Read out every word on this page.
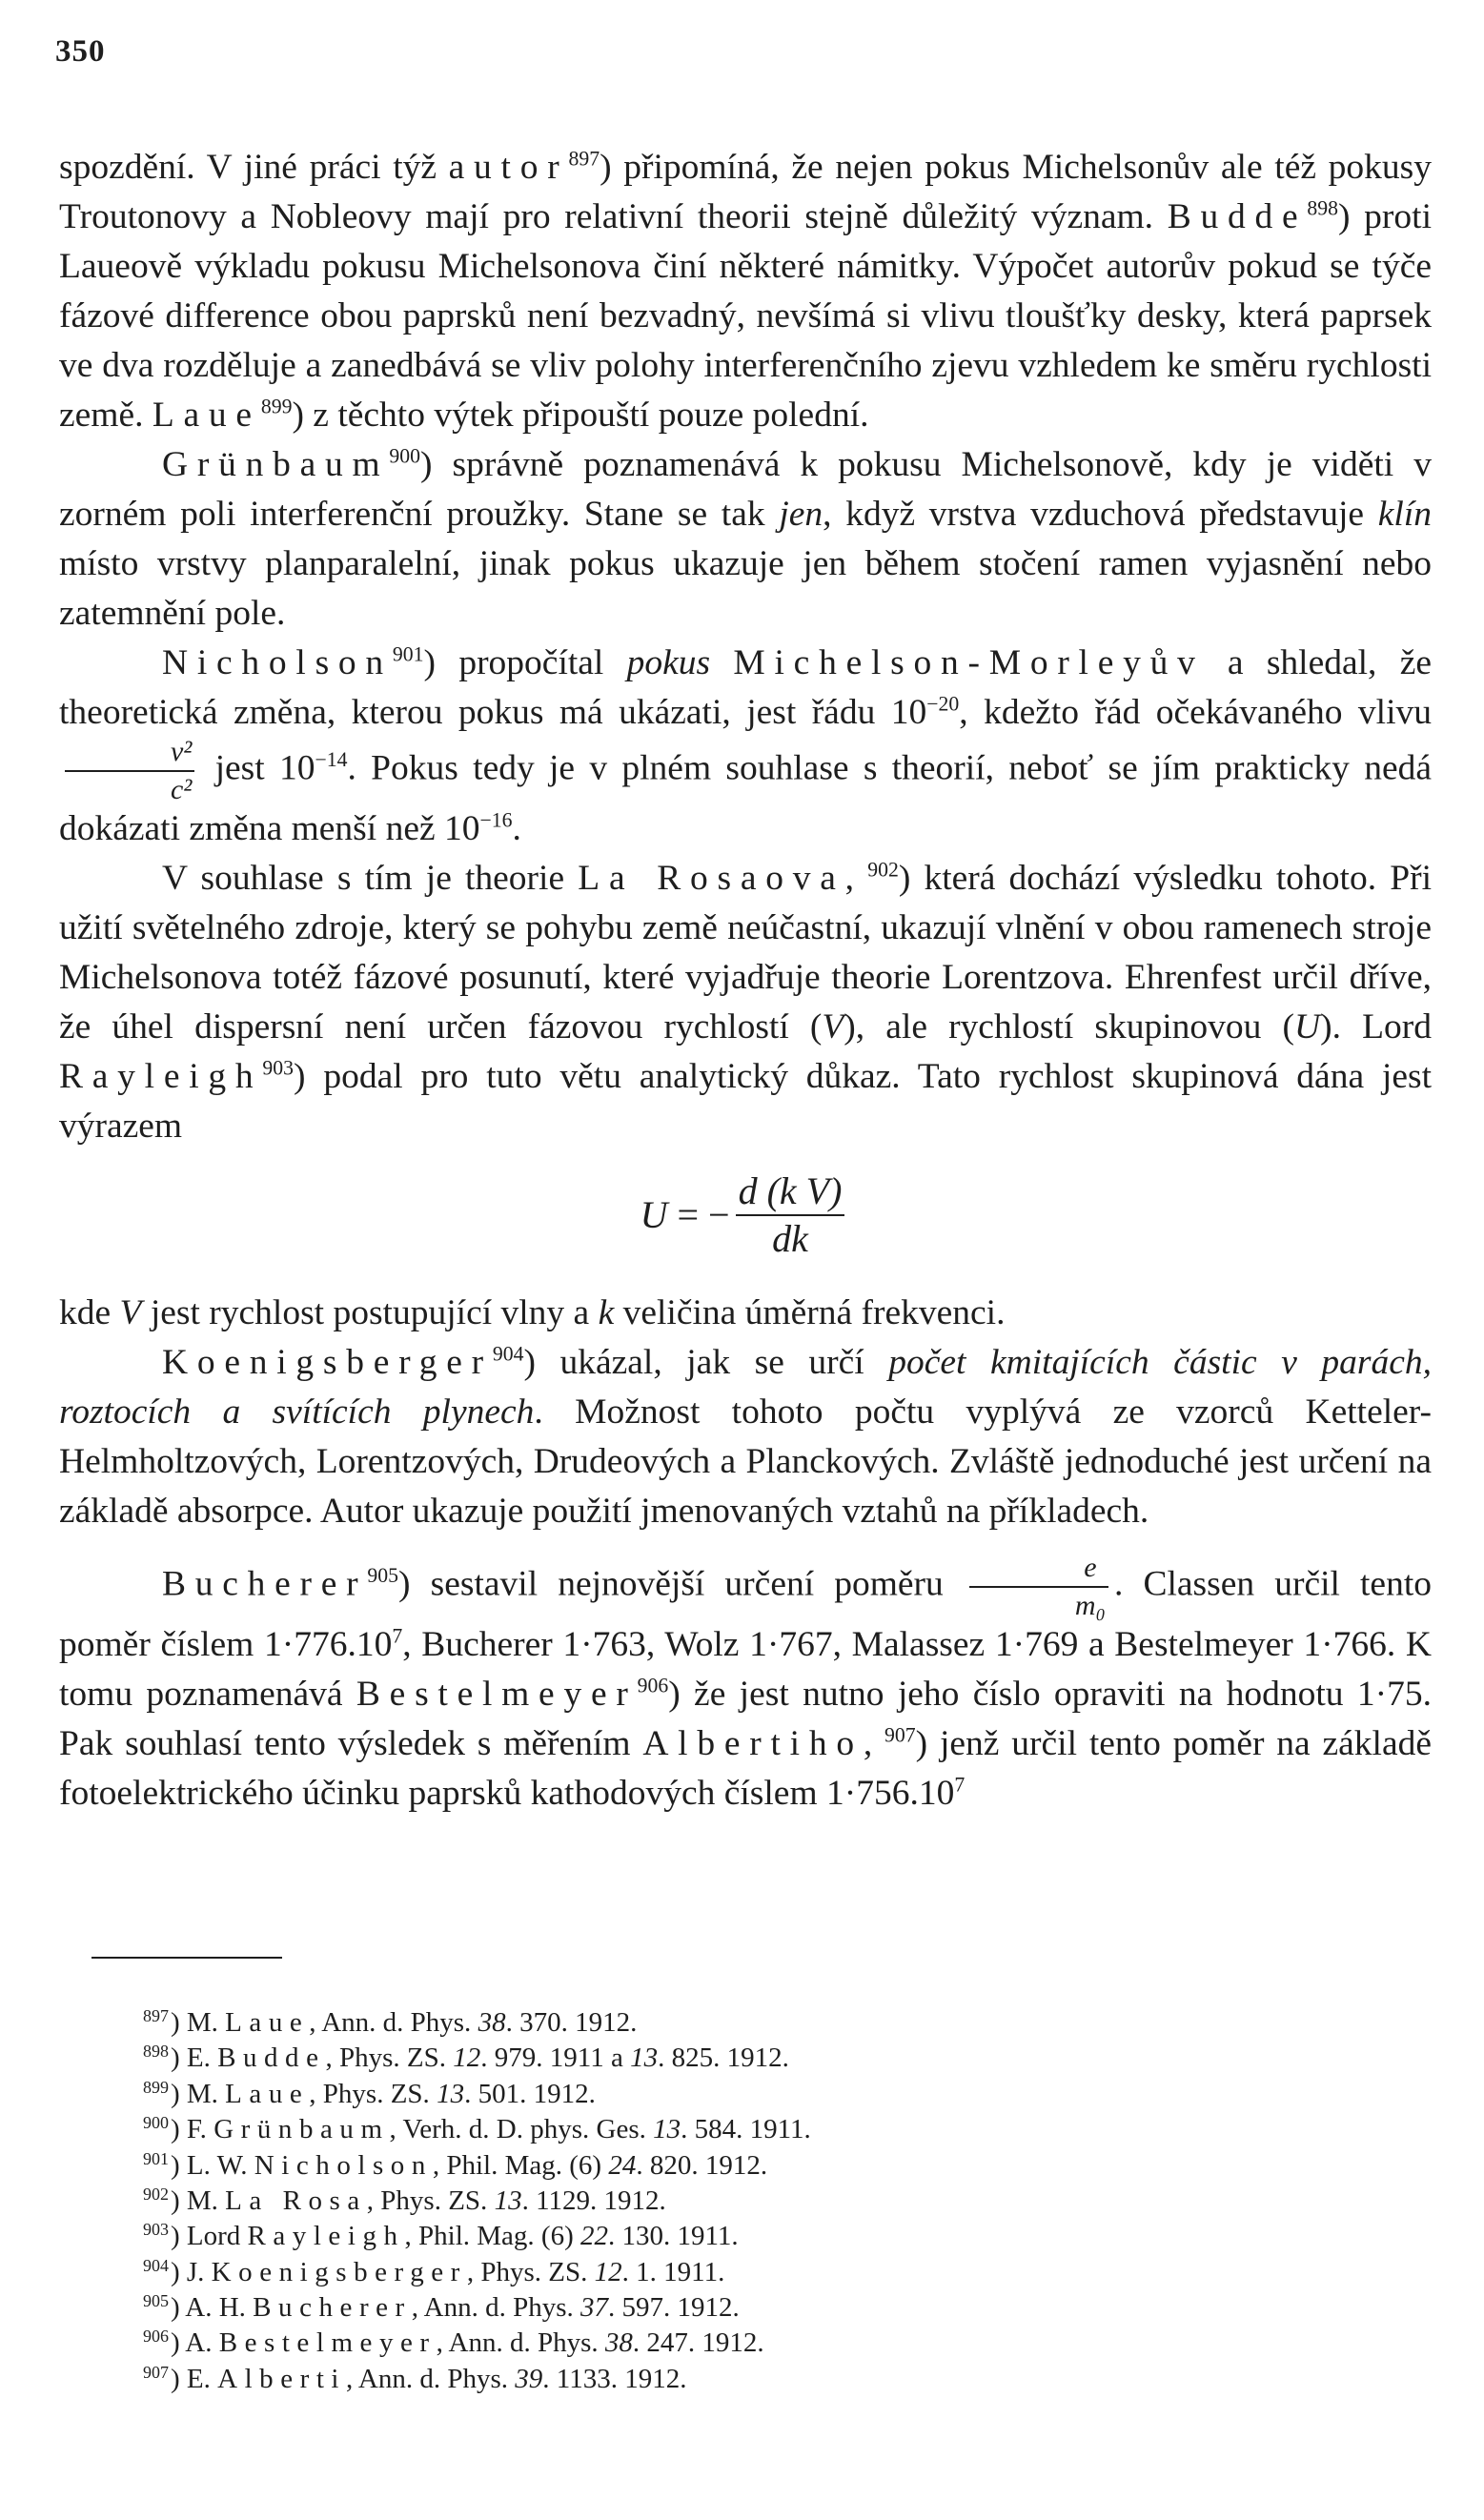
350

spozdění. V jiné práci týž autor$^{897}$) připomíná, že nejen pokus Michelsonův ale též pokusy Troutonovy a Nobleovy mají pro relativní theorii stejně důležitý význam. Budde$^{898}$) proti Laueově výkladu pokusu Michelsonova činí některé námitky. Výpočet autorův pokud se týče fázové difference obou paprsků není bezvadný, nevšímá si vlivu tloušťky desky, která paprsek ve dva rozděluje a zanedbává se vliv polohy interferenčního zjevu vzhledem ke směru rychlosti země. Laue$^{899}$) z těchto výtek připouští pouze polední.

Grünbaum$^{900}$) správně poznamenává k pokusu Michelsonově, kdy je viděti v zorném poli interferenční proužky. Stane se tak jen, když vrstva vzduchová představuje klín místo vrstvy planparalelní, jinak pokus ukazuje jen během stočení ramen vyjasnění nebo zatemnění pole.

Nicholson$^{901}$) propočítal pokus Michelson-Morleyův a shledal, že theoretická změna, kterou pokus má ukázati, jest řádu $10^{-20}$, kdežto řád očekávaného vlivu
$\frac{\text{v²}}{\text{c²}}$ jest $10^{-14}$. Pokus tedy je v plném souhlase s theorií, neboť se jím prakticky nedá dokázati změna menší než $10^{-16}$.

V souhlase s tím je theorie La Rosaova, $^{902}$) která dochází výsledku tohoto. Při užití světelného zdroje, který se pohybu země neúčastní, ukazují vlnění v obou ramenech stroje Michelsonova totéž fázové posunutí, které vyjadřuje theorie Lorentzova. Ehrenfest určil dříve, že úhel dispersní není určen fázovou rychlostí (V), ale rychlostí skupinovou (U). Lord Rayleigh$^{903}$) podal pro tuto větu analytický důkaz. Tato rychlost skupinová dána jest výrazem

U = − $\frac{\text{d (k V)}}{dk}$

kde V jest rychlost postupující vlny a k veličina úměrná frekvenci.

Koenigsberger$^{904}$) ukázal, jak se určí počet kmitajících částic v parách, roztocích a svítících plynech. Možnost tohoto počtu vyplývá ze vzorců Ketteler-Helmholtzových, Lorentzových, Drudeových a Planckových. Zvláště jednoduché jest určení na základě absorpce. Autor ukazuje použití jmenovaných vztahů na příkladech.

Bucherer$^{905}$) sestavil nejnovější určení poměru $\frac{e}{\text{m₀}}$ . Classen určil tento poměr číslem $1\cdot 776.10^7$, Bucherer 1·763, Wolz 1·767, Malassez 1·769 a Bestelmeyer 1·766. K tomu poznamenává Bestelmeyer$^{906}$) že jest nutno jeho číslo opraviti na hodnotu 1·75. Pak souhlasí tento výsledek s měřením Albertiho, $^{907}$) jenž určil tento poměr na základě fotoelektrického účinku paprsků kathodových číslem $1\cdot 756.10^7$

$^{897}$) M. Laue, Ann. d. Phys. 38. 370. 1912.
$^{898}$) E. Budde, Phys. ZS. 12. 979. 1911 a 13. 825. 1912.
$^{899}$) M. Laue, Phys. ZS. 13. 501. 1912.
$^{900}$) F. Grünbaum, Verh. d. D. phys. Ges. 13. 584. 1911.
$^{901}$) L. W. Nicholson, Phil. Mag. (6) 24. 820. 1912.
$^{902}$) M. La Rosa, Phys. ZS. 13. 1129. 1912.
$^{903}$) Lord Rayleigh, Phil. Mag. (6) 22. 130. 1911.
$^{904}$) J. Koenigsberger, Phys. ZS. 12. 1. 1911.
$^{905}$) A. H. Bucherer, Ann. d. Phys. 37. 597. 1912.
$^{906}$) A. Bestelmeyer, Ann. d. Phys. 38. 247. 1912.
$^{907}$) E. Alberti, Ann. d. Phys. 39. 1133. 1912.
